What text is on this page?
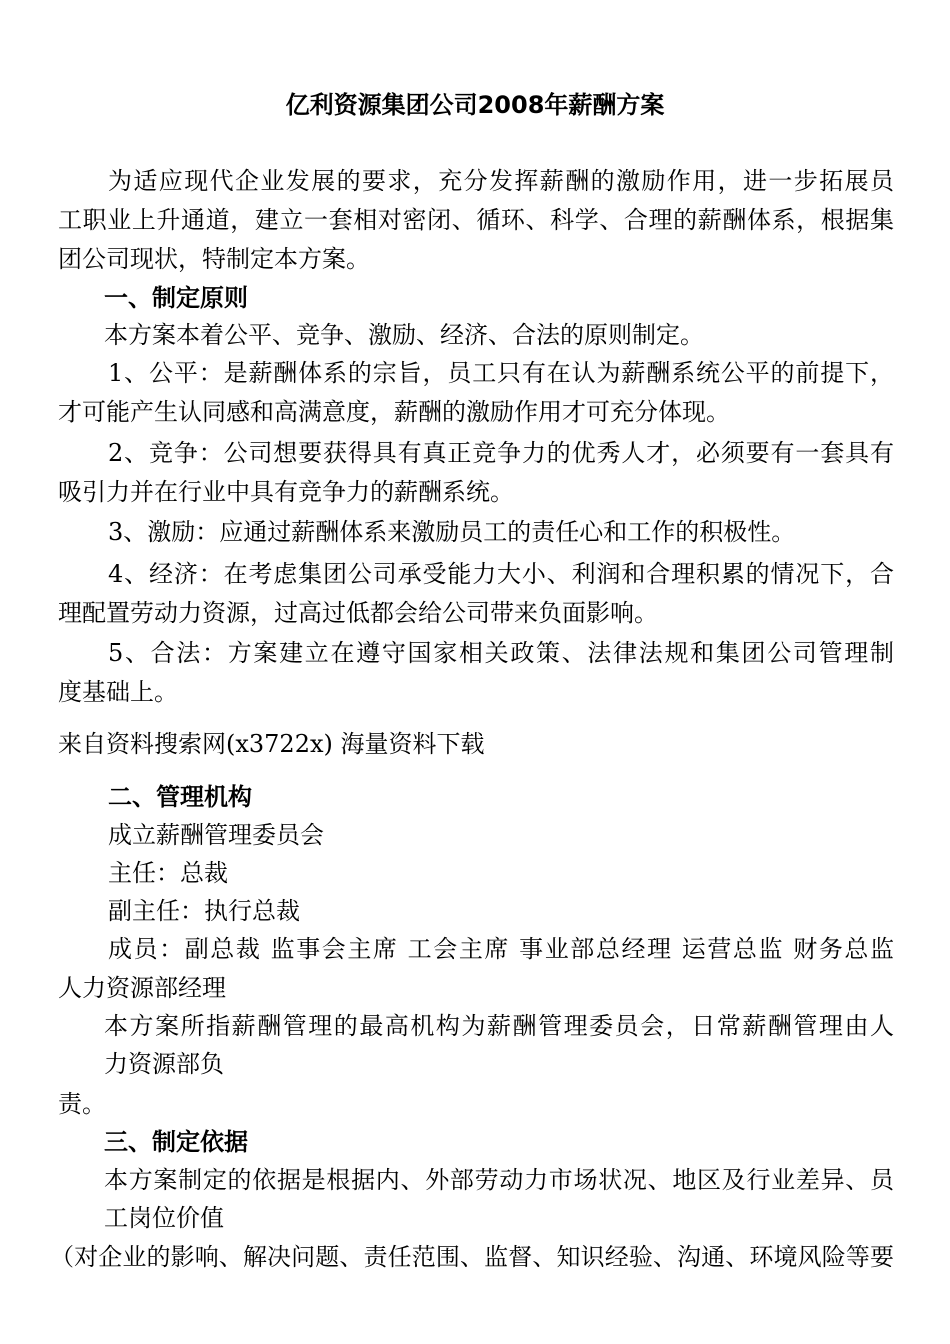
亿利资源集团公司2008年薪酬方案
为适应现代企业发展的要求，充分发挥薪酬的激励作用，进一步拓展员
工职业上升通道，建立一套相对密闭、循环、科学、合理的薪酬体系，根据集
团公司现状，特制定本方案。
一、制定原则
本方案本着公平、竞争、激励、经济、合法的原则制定。
1、公平：是薪酬体系的宗旨，员工只有在认为薪酬系统公平的前提下，
才可能产生认同感和高满意度，薪酬的激励作用才可充分体现。
2、竞争：公司想要获得具有真正竞争力的优秀人才，必须要有一套具有
吸引力并在行业中具有竞争力的薪酬系统。
3、激励：应通过薪酬体系来激励员工的责任心和工作的积极性。
4、经济：在考虑集团公司承受能力大小、利润和合理积累的情况下，合
理配置劳动力资源，过高过低都会给公司带来负面影响。
5、合法：方案建立在遵守国家相关政策、法律法规和集团公司管理制
度基础上。
来自资料搜索网(x3722x) 海量资料下载
二、管理机构
成立薪酬管理委员会
主任：总裁
副主任：执行总裁
成员：副总裁 监事会主席 工会主席 事业部总经理 运营总监 财务总监
人力资源部经理
本方案所指薪酬管理的最高机构为薪酬管理委员会，日常薪酬管理由人
力资源部负
责。
三、制定依据
本方案制定的依据是根据内、外部劳动力市场状况、地区及行业差异、员
工岗位价值
（对企业的影响、解决问题、责任范围、监督、知识经验、沟通、环境风险等要
